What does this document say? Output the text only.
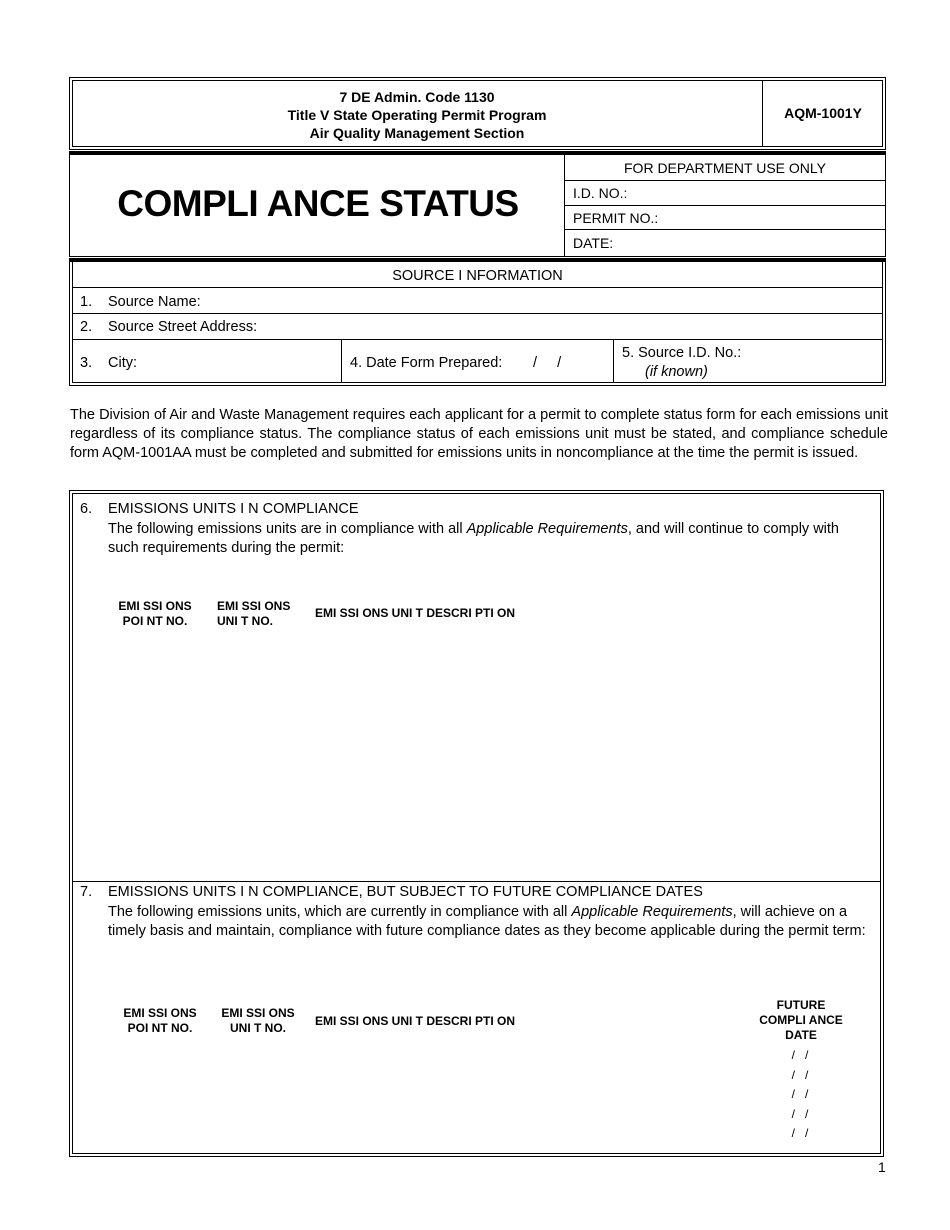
7 DE Admin. Code 1130
Title V State Operating Permit Program
Air Quality Management Section
AQM-1001Y
COMPLI ANCE STATUS
FOR DEPARTMENT USE ONLY
I.D. NO.:
PERMIT NO.:
DATE:
SOURCE I NFORMATION
1. Source Name:
2. Source Street Address:
3. City:	4. Date Form Prepared: /     /
5. Source I.D. No.:
(if known)

The Division of Air and Waste Management requires each applicant for a permit to complete status form for each emissions unit regardless of its compliance status. The compliance status of each emissions unit must be stated, and compliance schedule form AQM-1001AA must be completed and submitted for emissions units in noncompliance at the time the permit is issued.

6. EMISSIONS UNITS I N COMPLIANCE
The following emissions units are in compliance with all Applicable Requirements, and will continue to comply with such requirements during the permit:
EMI SSI ONS
POI NT NO.
EMI SSI ONS
UNI T NO.
EMI SSI ONS UNI T DESCRI PTI ON
7. EMISSIONS UNITS I N COMPLIANCE, BUT SUBJECT TO FUTURE COMPLIANCE DATES
The following emissions units, which are currently in compliance with all Applicable Requirements, will achieve on a timely basis and maintain, compliance with future compliance dates as they become applicable during the permit term:
EMI SSI ONS
POI NT NO.
EMI SSI ONS
UNI T NO.	EMI SSI ONS UNI T DESCRI PTI ON
FUTURE
COMPLI ANCE
DATE
/   /
/   /
/   /
/   /
/   /
1
